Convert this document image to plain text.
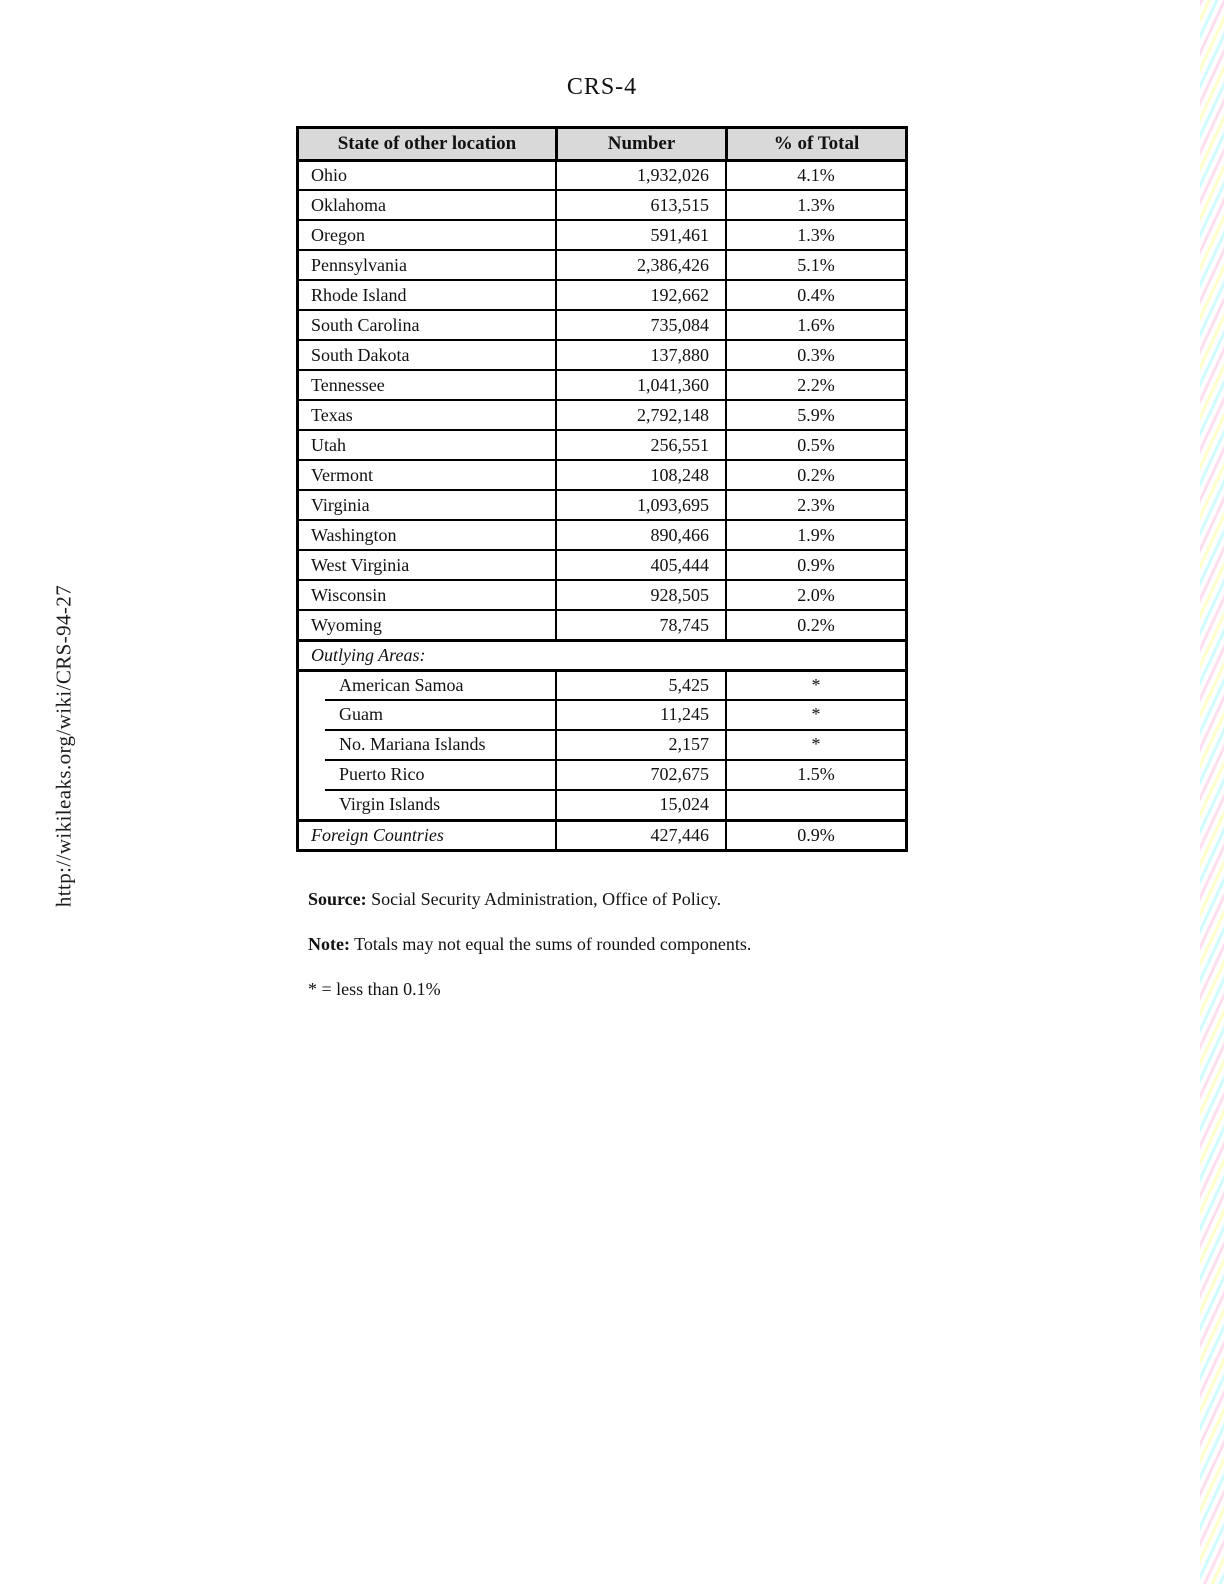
http://wikileaks.org/wiki/CRS-94-27
CRS-4
State of other location	Number	% of Total
Ohio	1,932,026	4.1%
Oklahoma	613,515	1.3%
Oregon	591,461	1.3%
Pennsylvania	2,386,426	5.1%
Rhode Island	192,662	0.4%
South Carolina	735,084	1.6%
South Dakota	137,880	0.3%
Tennessee	1,041,360	2.2%
Texas	2,792,148	5.9%
Utah	256,551	0.5%
Vermont	108,248	0.2%
Virginia	1,093,695	2.3%
Washington	890,466	1.9%
West Virginia	405,444	0.9%
Wisconsin	928,505	2.0%
Wyoming	78,745	0.2%
Outlying Areas:
American Samoa	5,425	*
Guam	11,245	*
No. Mariana Islands	2,157	*
Puerto Rico	702,675	1.5%
Virgin Islands	15,024
Foreign Countries	427,446	0.9%

Source: Social Security Administration, Office of Policy.

Note: Totals may not equal the sums of rounded components.

* = less than 0.1%
